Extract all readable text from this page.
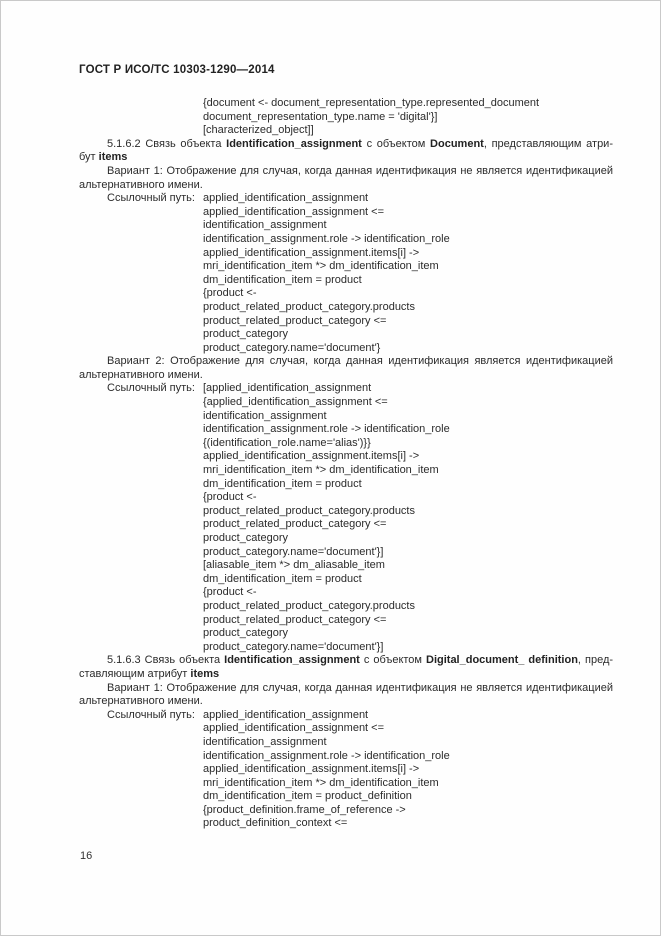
ГОСТ Р ИСО/ТС 10303-1290—2014
{document <- document_representation_type.represented_document
document_representation_type.name = 'digital'}]
[characterized_object]]
5.1.6.2 Связь объекта Identification_assignment с объектом Document, представляющим атри-
бут items
Вариант 1: Отображение для случая, когда данная идентификация не является идентификацией
альтернативного имени.
Ссылочный путь: applied_identification_assignment
applied_identification_assignment <=
identification_assignment
identification_assignment.role -> identification_role
applied_identification_assignment.items[i] ->
mri_identification_item *> dm_identification_item
dm_identification_item = product
{product <-
product_related_product_category.products
product_related_product_category <=
product_category
product_category.name='document'}
Вариант 2: Отображение для случая, когда данная идентификация является идентификацией
альтернативного имени.
Ссылочный путь: [applied_identification_assignment
{applied_identification_assignment <=
identification_assignment
identification_assignment.role -> identification_role
{(identification_role.name='alias')}}
applied_identification_assignment.items[i] ->
mri_identification_item *> dm_identification_item
dm_identification_item = product
{product <-
product_related_product_category.products
product_related_product_category <=
product_category
product_category.name='document'}]
[aliasable_item *> dm_aliasable_item
dm_identification_item = product
{product <-
product_related_product_category.products
product_related_product_category <=
product_category
product_category.name='document'}]
5.1.6.3 Связь объекта Identification_assignment с объектом Digital_document_ definition, пред-
ставляющим атрибут items
Вариант 1: Отображение для случая, когда данная идентификация не является идентификацией
альтернативного имени.
Ссылочный путь: applied_identification_assignment
applied_identification_assignment <=
identification_assignment
identification_assignment.role -> identification_role
applied_identification_assignment.items[i] ->
mri_identification_item *> dm_identification_item
dm_identification_item = product_definition
{product_definition.frame_of_reference ->
product_definition_context <=
16
